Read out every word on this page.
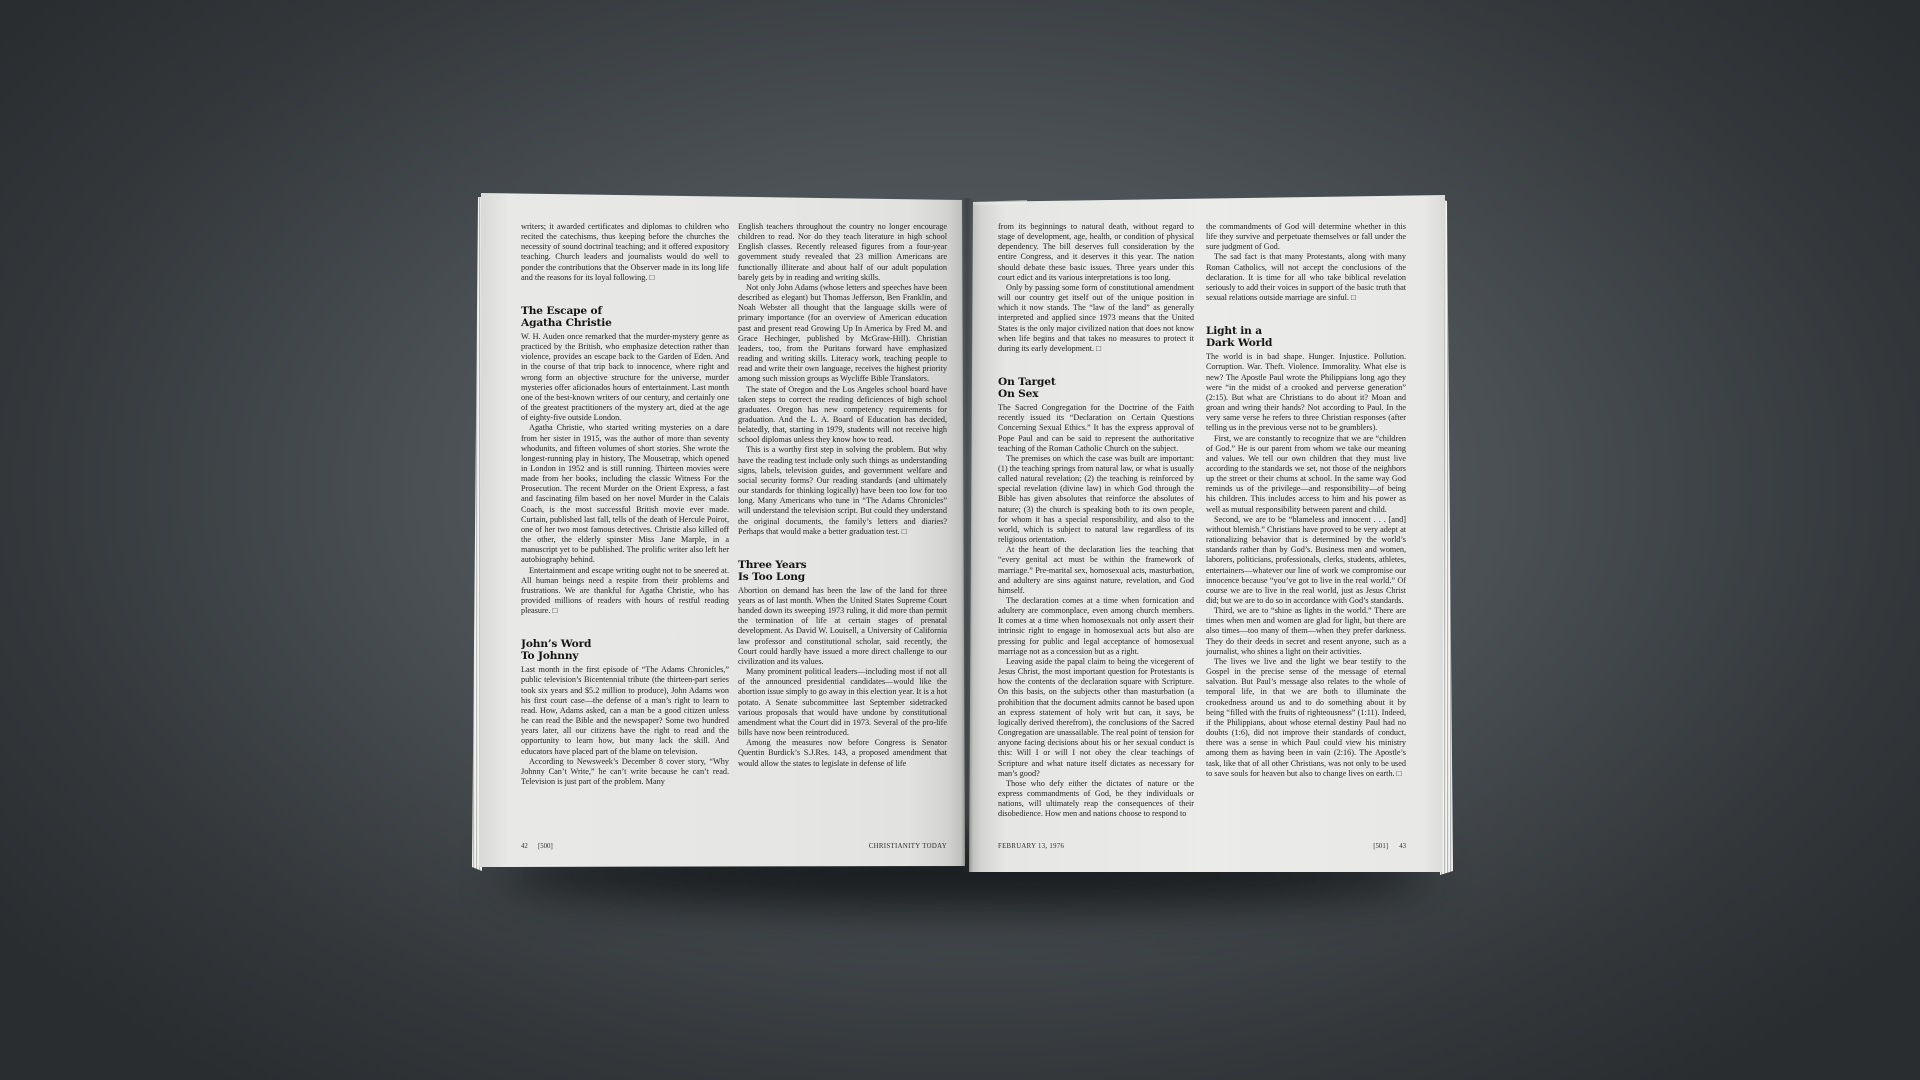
writers; it awarded certificates and diplomas to children who recited the catechisms, thus keeping before the churches the necessity of sound doctrinal teaching; and it offered expository teaching. Church leaders and journalists would do well to ponder the contributions that the Observer made in its long life and the reasons for its loyal following. □

The Escape of
Agatha Christie

W. H. Auden once remarked that the murder-mystery genre as practiced by the British, who emphasize detection rather than violence, provides an escape back to the Garden of Eden. And in the course of that trip back to innocence, where right and wrong form an objective structure for the universe, murder mysteries offer aficionados hours of entertainment. Last month one of the best-known writers of our century, and certainly one of the greatest practitioners of the mystery art, died at the age of eighty-five outside London.

Agatha Christie, who started writing mysteries on a dare from her sister in 1915, was the author of more than seventy whodunits, and fifteen volumes of short stories. She wrote the longest-running play in history, The Mousetrap, which opened in London in 1952 and is still running. Thirteen movies were made from her books, including the classic Witness For the Prosecution. The recent Murder on the Orient Express, a fast and fascinating film based on her novel Murder in the Calais Coach, is the most successful British movie ever made. Curtain, published last fall, tells of the death of Hercule Poirot, one of her two most famous detectives. Christie also killed off the other, the elderly spinster Miss Jane Marple, in a manuscript yet to be published. The prolific writer also left her autobiography behind.

Entertainment and escape writing ought not to be sneered at. All human beings need a respite from their problems and frustrations. We are thankful for Agatha Christie, who has provided millions of readers with hours of restful reading pleasure. □

John’s Word
To Johnny

Last month in the first episode of “The Adams Chronicles,” public television’s Bicentennial tribute (the thirteen-part series took six years and $5.2 million to produce), John Adams won his first court case—the defense of a man’s right to learn to read. How, Adams asked, can a man be a good citizen unless he can read the Bible and the newspaper? Some two hundred years later, all our citizens have the right to read and the opportunity to learn how, but many lack the skill. And educators have placed part of the blame on television.

According to Newsweek’s December 8 cover story, “Why Johnny Can’t Write,” he can’t write because he can’t read. Television is just part of the problem. Many

English teachers throughout the country no longer encourage children to read. Nor do they teach literature in high school English classes. Recently released figures from a four-year government study revealed that 23 million Americans are functionally illiterate and about half of our adult population barely gets by in reading and writing skills.

Not only John Adams (whose letters and speeches have been described as elegant) but Thomas Jefferson, Ben Franklin, and Noah Webster all thought that the language skills were of primary importance (for an overview of American education past and present read Growing Up In America by Fred M. and Grace Hechinger, published by McGraw-Hill). Christian leaders, too, from the Puritans forward have emphasized reading and writing skills. Literacy work, teaching people to read and write their own language, receives the highest priority among such mission groups as Wycliffe Bible Translators.

The state of Oregon and the Los Angeles school board have taken steps to correct the reading deficiences of high school graduates. Oregon has new competency requirements for graduation. And the L. A. Board of Education has decided, belatedly, that, starting in 1979, students will not receive high school diplomas unless they know how to read.

This is a worthy first step in solving the problem. But why have the reading test include only such things as understanding signs, labels, television guides, and government welfare and social security forms? Our reading standards (and ultimately our standards for thinking logically) have been too low for too long. Many Americans who tune in “The Adams Chronicles” will understand the television script. But could they understand the original documents, the family’s letters and diaries? Perhaps that would make a better graduation test. □

Three Years
Is Too Long

Abortion on demand has been the law of the land for three years as of last month. When the United States Supreme Court handed down its sweeping 1973 ruling, it did more than permit the termination of life at certain stages of prenatal development. As David W. Louisell, a University of California law professor and constitutional scholar, said recently, the Court could hardly have issued a more direct challenge to our civilization and its values.

Many prominent political leaders—including most if not all of the announced presidential candidates—would like the abortion issue simply to go away in this election year. It is a hot potato. A Senate subcommittee last September sidetracked various proposals that would have undone by constitutional amendment what the Court did in 1973. Several of the pro-life bills have now been reintroduced.

Among the measures now before Congress is Senator Quentin Burdick’s S.J.Res. 143, a proposed amendment that would allow the states to legislate in defense of life

from its beginnings to natural death, without regard to stage of development, age, health, or condition of physical dependency. The bill deserves full consideration by the entire Congress, and it deserves it this year. The nation should debate these basic issues. Three years under this court edict and its various interpretations is too long.

Only by passing some form of constitutional amendment will our country get itself out of the unique position in which it now stands. The “law of the land” as generally interpreted and applied since 1973 means that the United States is the only major civilized nation that does not know when life begins and that takes no measures to protect it during its early development. □

On Target
On Sex

The Sacred Congregation for the Doctrine of the Faith recently issued its “Declaration on Certain Questions Concerning Sexual Ethics.” It has the express approval of Pope Paul and can be said to represent the authoritative teaching of the Roman Catholic Church on the subject.

The premises on which the case was built are important: (1) the teaching springs from natural law, or what is usually called natural revelation; (2) the teaching is reinforced by special revelation (divine law) in which God through the Bible has given absolutes that reinforce the absolutes of nature; (3) the church is speaking both to its own people, for whom it has a special responsibility, and also to the world, which is subject to natural law regardless of its religious orientation.

At the heart of the declaration lies the teaching that “every genital act must be within the framework of marriage.” Pre-marital sex, homosexual acts, masturbation, and adultery are sins against nature, revelation, and God himself.

The declaration comes at a time when fornication and adultery are commonplace, even among church members. It comes at a time when homosexuals not only assert their intrinsic right to engage in homosexual acts but also are pressing for public and legal acceptance of homosexual marriage not as a concession but as a right.

Leaving aside the papal claim to being the vicegerent of Jesus Christ, the most important question for Protestants is how the contents of the declaration square with Scripture. On this basis, on the subjects other than masturbation (a prohibition that the document admits cannot be based upon an express statement of holy writ but can, it says, be logically derived therefrom), the conclusions of the Sacred Congregation are unassailable. The real point of tension for anyone facing decisions about his or her sexual conduct is this: Will I or will I not obey the clear teachings of Scripture and what nature itself dictates as necessary for man’s good?

Those who defy either the dictates of nature or the express commandments of God, be they individuals or nations, will ultimately reap the consequences of their disobedience. How men and nations choose to respond to

the commandments of God will determine whether in this life they survive and perpetuate themselves or fall under the sure judgment of God.

The sad fact is that many Protestants, along with many Roman Catholics, will not accept the conclusions of the declaration. It is time for all who take biblical revelation seriously to add their voices in support of the basic truth that sexual relations outside marriage are sinful. □

Light in a
Dark World

The world is in bad shape. Hunger. Injustice. Pollution. Corruption. War. Theft. Violence. Immorality. What else is new? The Apostle Paul wrote the Philippians long ago they were “in the midst of a crooked and perverse generation” (2:15). But what are Christians to do about it? Moan and groan and wring their hands? Not according to Paul. In the very same verse he refers to three Christian responses (after telling us in the previous verse not to be grumblers).

First, we are constantly to recognize that we are “children of God.” He is our parent from whom we take our meaning and values. We tell our own children that they must live according to the standards we set, not those of the neighbors up the street or their chums at school. In the same way God reminds us of the privilege—and responsibility—of being his children. This includes access to him and his power as well as mutual responsibility between parent and child.

Second, we are to be “blameless and innocent . . . [and] without blemish.” Christians have proved to be very adept at rationalizing behavior that is determined by the world’s standards rather than by God’s. Business men and women, laborers, politicians, professionals, clerks, students, athletes, entertainers—whatever our line of work we compromise our innocence because “you’ve got to live in the real world.” Of course we are to live in the real world, just as Jesus Christ did; but we are to do so in accordance with God’s standards.

Third, we are to “shine as lights in the world.” There are times when men and women are glad for light, but there are also times—too many of them—when they prefer darkness. They do their deeds in secret and resent anyone, such as a journalist, who shines a light on their activities.

The lives we live and the light we bear testify to the Gospel in the precise sense of the message of eternal salvation. But Paul’s message also relates to the whole of temporal life, in that we are both to illuminate the crookedness around us and to do something about it by being “filled with the fruits of righteousness” (1:11). Indeed, if the Philippians, about whose eternal destiny Paul had no doubts (1:6), did not improve their standards of conduct, there was a sense in which Paul could view his ministry among them as having been in vain (2:16). The Apostle’s task, like that of all other Christians, was not only to be used to save souls for heaven but also to change lives on earth. □

42 [500]	CHRISTIANITY TODAY	FEBRUARY 13, 1976	[501]	43
